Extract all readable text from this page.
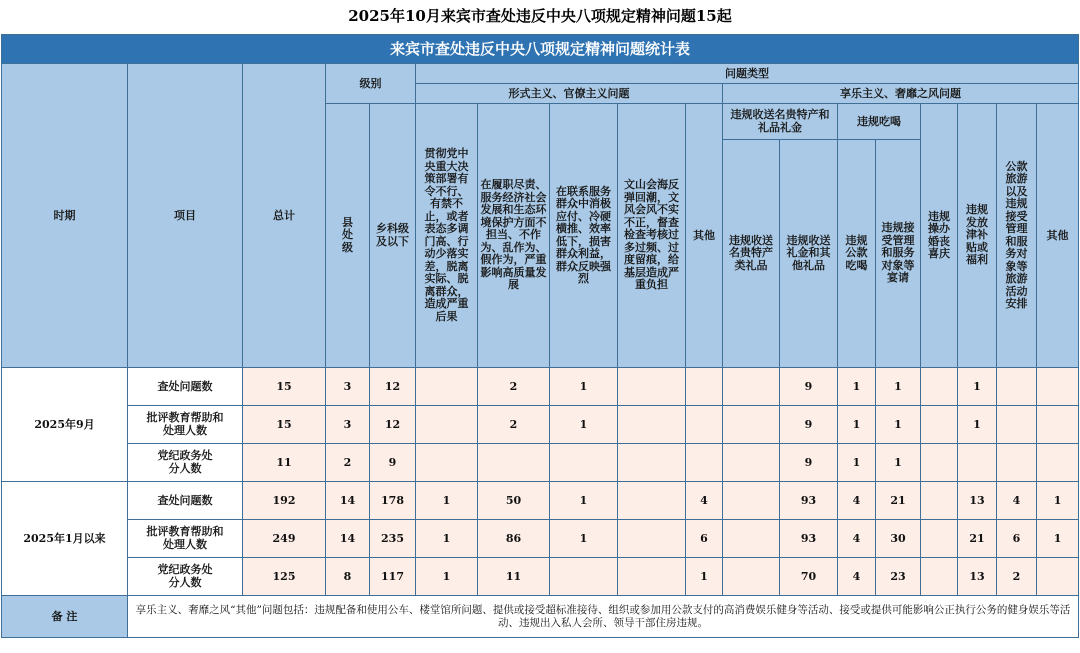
2025年10月来宾市查处违反中央八项规定精神问题15起
来宾市查处违反中央八项规定精神问题统计表																	
时期	项目	总计	级别		问题类型												
					形式主义、官僚主义问题					享乐主义、奢靡之风问题							

			县处级	乡科级及以下	贯彻党中央重大决策部署有令不行、有禁不止，或者表态多调门高、行动少落实差，脱离实际、脱离群众，造成严重后果	在履职尽责、服务经济社会发展和生态环境保护方面不担当、不作为、乱作为、假作为，严重影响高质量发展	在联系服务群众中消极应付、冷硬横推、效率低下，损害群众利益，群众反映强烈	文山会海反弹回潮，文风会风不实不正，督查检查考核过多过频、过度留痕，给基层造成严重负担	其他	违规收送名贵特产和礼品礼金		违规吃喝		违规操办婚丧喜庆	违规发放津补贴或福利	公款旅游以及违规接受管理和服务对象等旅游活动安排	其他

										违规收送名贵特产类礼品	违规收送礼金和其他礼品	违规公款吃喝	违规接受管理和服务对象等宴请				

2025年9月	查处问题数	15	3	12		2	1				9	1	1		1		

	批评教育帮助和处理人数	15	3	12		2	1				9	1	1		1		

	党纪政务处分人数	11	2	9							9	1	1				
2025年1月以来	查处问题数	192	14	178	1	50	1		4		93	4	21		13	4	1

	批评教育帮助和处理人数	249	14	235	1	86	1		6		93	4	30		21	6	1

	党纪政务处分人数	125	8	117	1	11			1		70	4	23		13	2	
备 注	享乐主义、奢靡之风“其他”问题包括：违规配备和使用公车、楼堂馆所问题、提供或接受超标准接待、组织或参加用公款支付的高消费娱乐健身等活动、接受或提供可能影响公正执行公务的健身娱乐等活动、违规出入私人会所、领导干部住房违规。																
